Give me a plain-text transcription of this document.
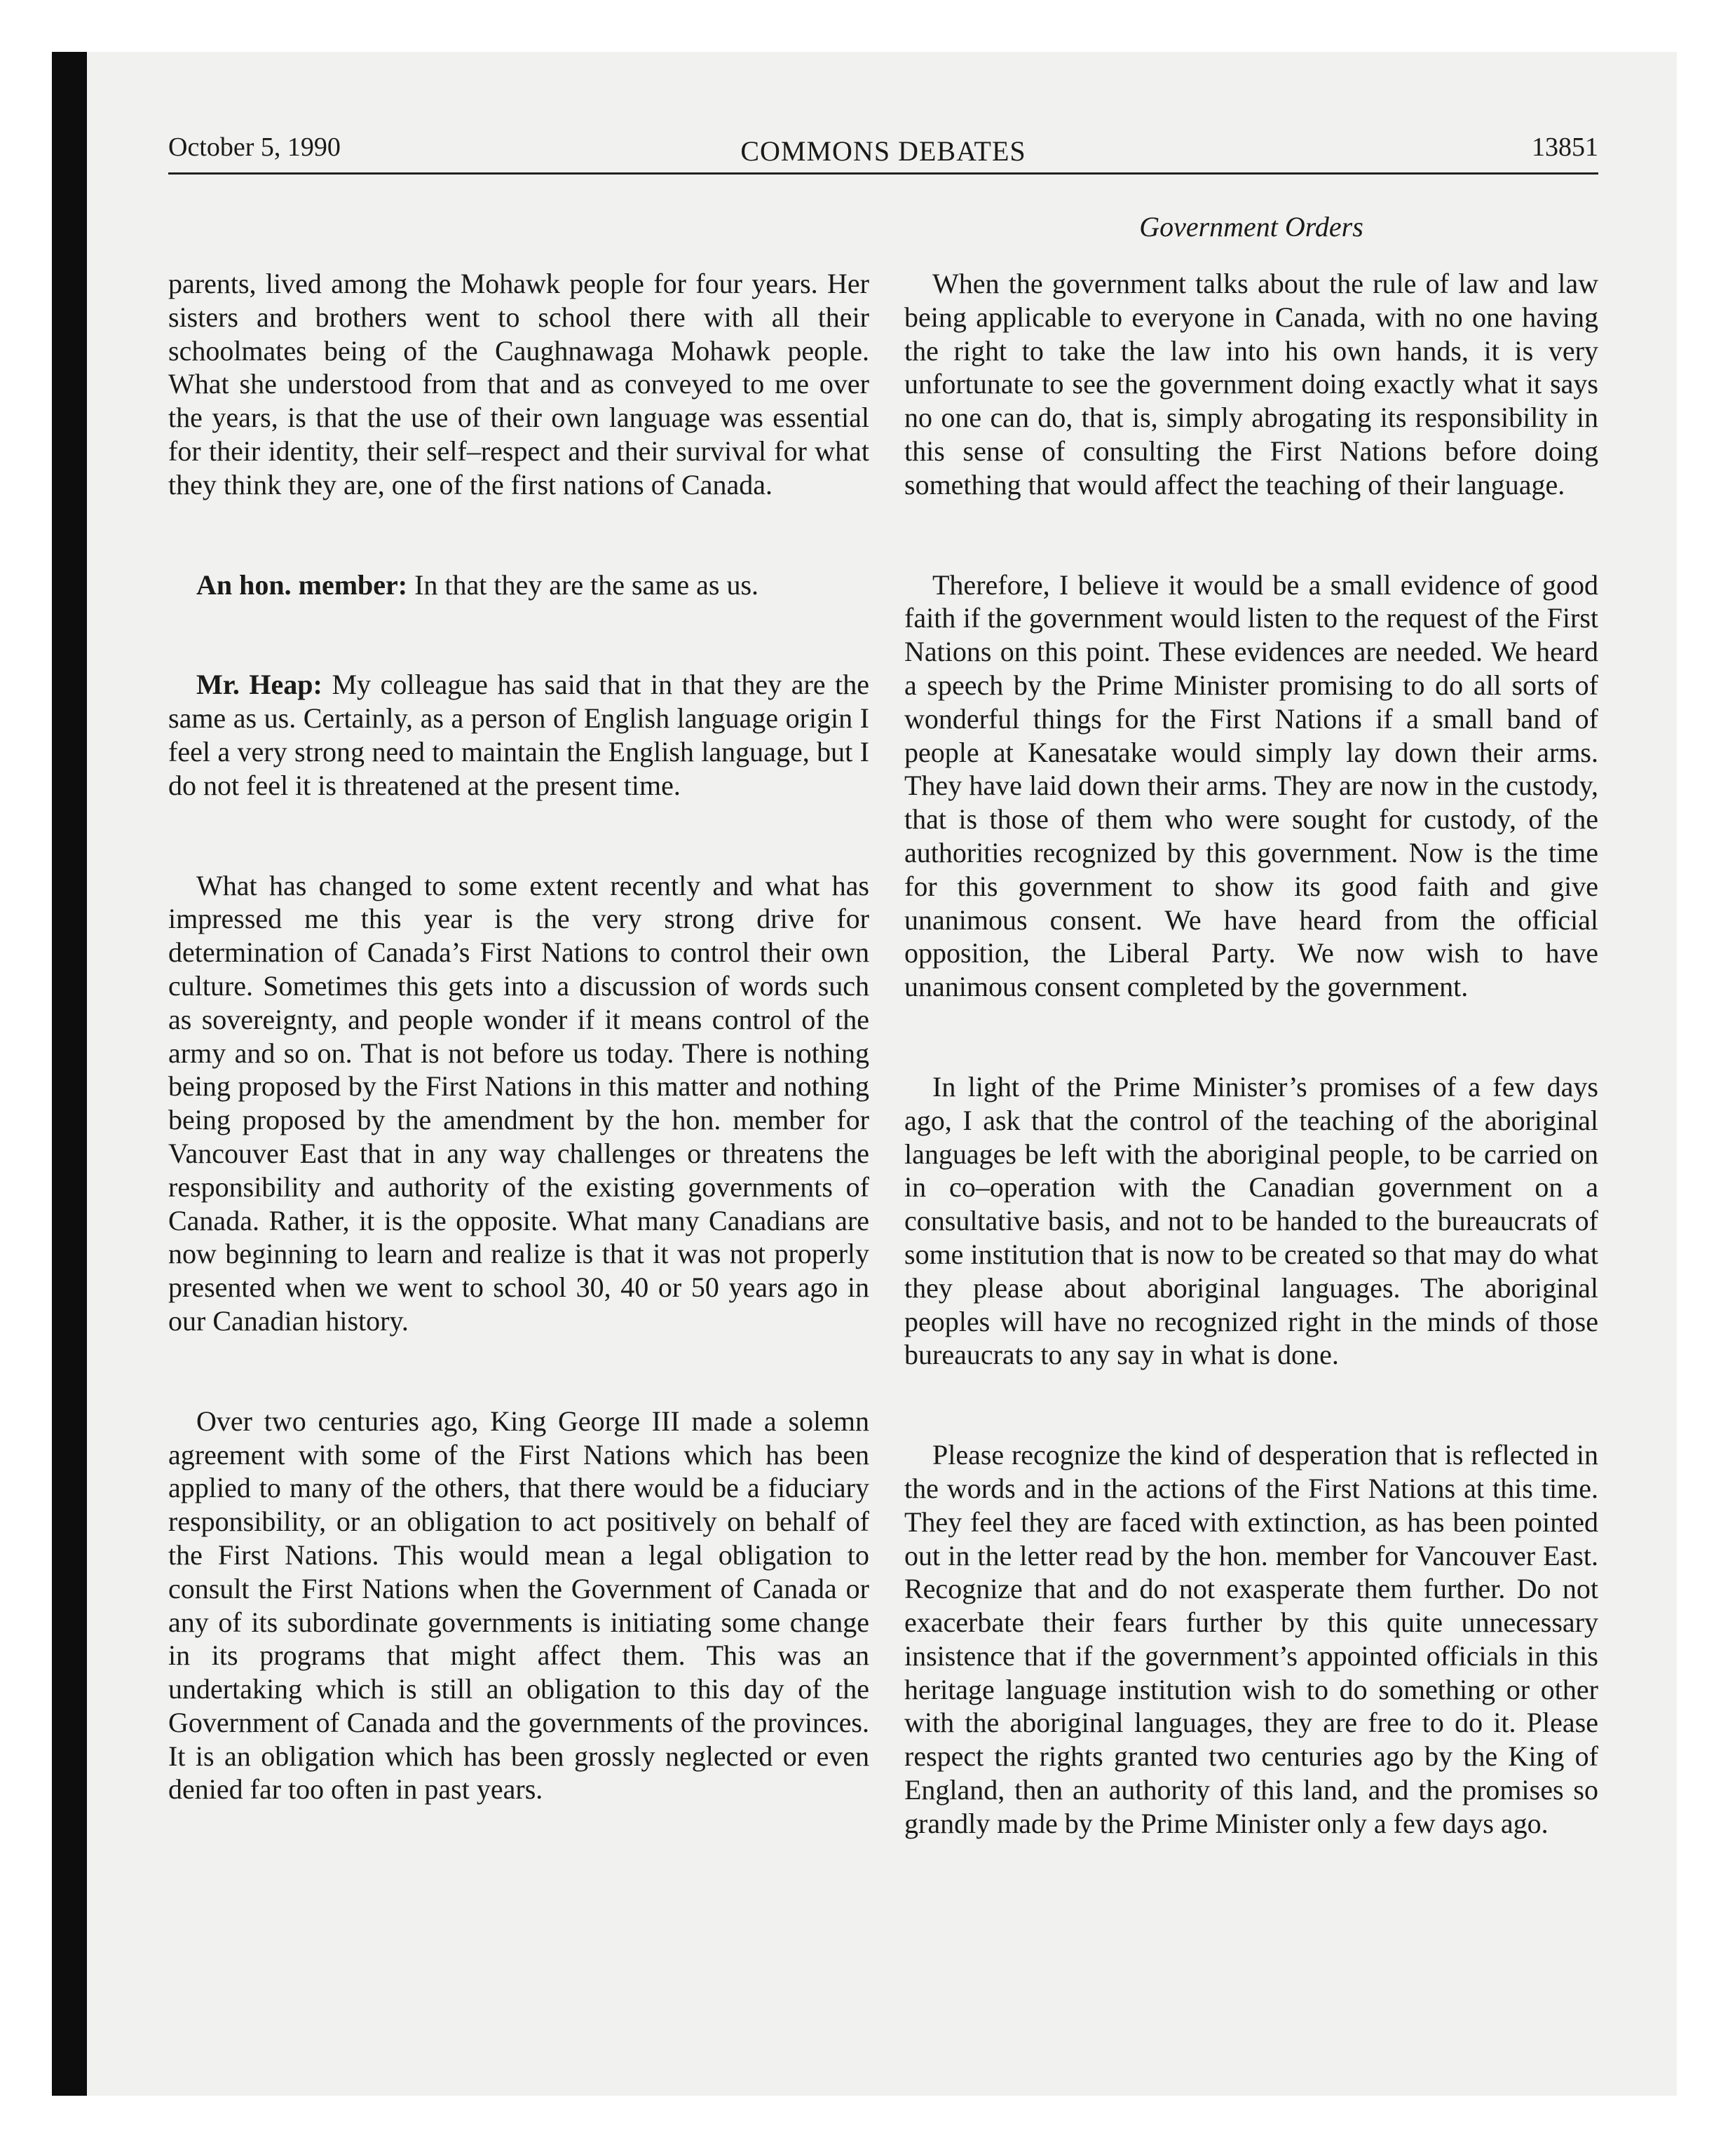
October 5, 1990	COMMONS DEBATES	13851
Government Orders

parents, lived among the Mohawk people for four years. Her sisters and brothers went to school there with all their schoolmates being of the Caughnawaga Mohawk people. What she understood from that and as conveyed to me over the years, is that the use of their own language was essential for their identity, their self–respect and their survival for what they think they are, one of the first nations of Canada.

An hon. member: In that they are the same as us.

Mr. Heap: My colleague has said that in that they are the same as us. Certainly, as a person of English language origin I feel a very strong need to maintain the English language, but I do not feel it is threatened at the present time.

What has changed to some extent recently and what has impressed me this year is the very strong drive for determination of Canada’s First Nations to control their own culture. Sometimes this gets into a discussion of words such as sovereignty, and people wonder if it means control of the army and so on. That is not before us today. There is nothing being proposed by the First Nations in this matter and nothing being proposed by the amendment by the hon. member for Vancouver East that in any way challenges or threatens the responsibility and authority of the existing governments of Canada. Rather, it is the opposite. What many Canadians are now beginning to learn and realize is that it was not properly presented when we went to school 30, 40 or 50 years ago in our Canadian history.

Over two centuries ago, King George III made a solemn agreement with some of the First Nations which has been applied to many of the others, that there would be a fiduciary responsibility, or an obligation to act positively on behalf of the First Nations. This would mean a legal obligation to consult the First Nations when the Government of Canada or any of its subordinate governments is initiating some change in its programs that might affect them. This was an undertaking which is still an obligation to this day of the Government of Canada and the governments of the provinces. It is an obligation which has been grossly neglected or even denied far too often in past years.

When the government talks about the rule of law and law being applicable to everyone in Canada, with no one having the right to take the law into his own hands, it is very unfortunate to see the government doing exactly what it says no one can do, that is, simply abrogating its responsibility in this sense of consulting the First Nations before doing something that would affect the teaching of their language.

Therefore, I believe it would be a small evidence of good faith if the government would listen to the request of the First Nations on this point. These evidences are needed. We heard a speech by the Prime Minister promising to do all sorts of wonderful things for the First Nations if a small band of people at Kanesatake would simply lay down their arms. They have laid down their arms. They are now in the custody, that is those of them who were sought for custody, of the authorities recognized by this government. Now is the time for this government to show its good faith and give unanimous consent. We have heard from the official opposition, the Liberal Party. We now wish to have unanimous consent completed by the government.

In light of the Prime Minister’s promises of a few days ago, I ask that the control of the teaching of the aboriginal languages be left with the aboriginal people, to be carried on in co–operation with the Canadian government on a consultative basis, and not to be handed to the bureaucrats of some institution that is now to be created so that may do what they please about aboriginal languages. The aboriginal peoples will have no recognized right in the minds of those bureaucrats to any say in what is done.

Please recognize the kind of desperation that is reflected in the words and in the actions of the First Nations at this time. They feel they are faced with extinction, as has been pointed out in the letter read by the hon. member for Vancouver East. Recognize that and do not exasperate them further. Do not exacerbate their fears further by this quite unnecessary insistence that if the government’s appointed officials in this heritage language institution wish to do something or other with the aboriginal languages, they are free to do it. Please respect the rights granted two centuries ago by the King of England, then an authority of this land, and the promises so grandly made by the Prime Minister only a few days ago.
